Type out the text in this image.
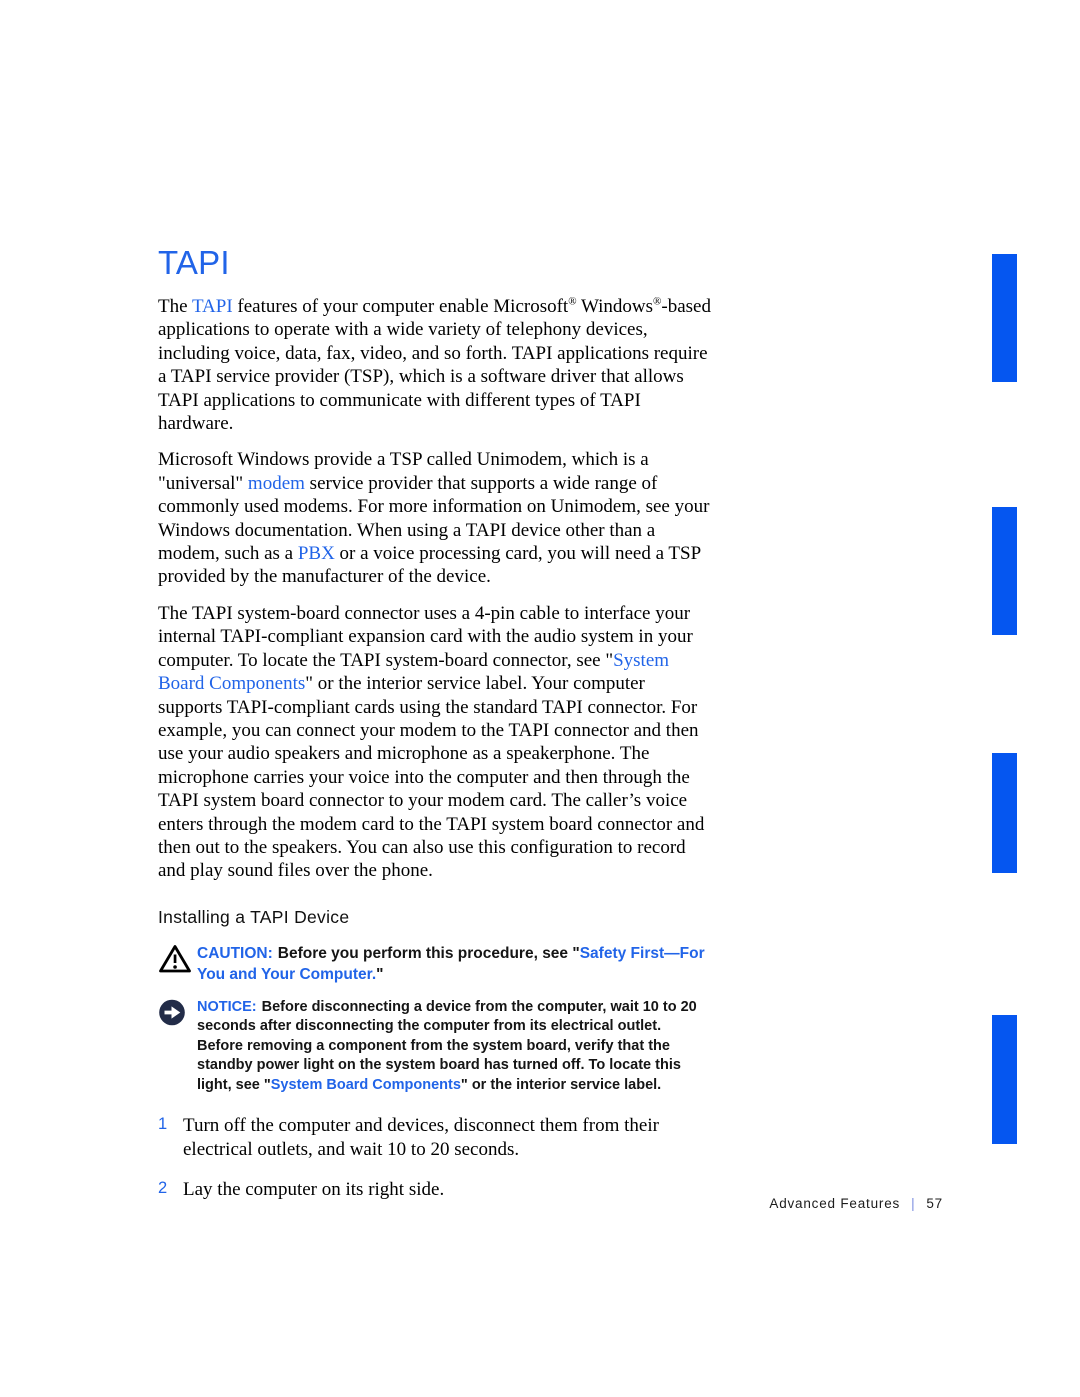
TAPI

The TAPI features of your computer enable Microsoft® Windows®-based applications to operate with a wide variety of telephony devices, including voice, data, fax, video, and so forth. TAPI applications require a TAPI service provider (TSP), which is a software driver that allows TAPI applications to communicate with different types of TAPI hardware.

Microsoft Windows provide a TSP called Unimodem, which is a "universal" modem service provider that supports a wide range of commonly used modems. For more information on Unimodem, see your Windows documentation. When using a TAPI device other than a modem, such as a PBX or a voice processing card, you will need a TSP provided by the manufacturer of the device.

The TAPI system-board connector uses a 4-pin cable to interface your internal TAPI-compliant expansion card with the audio system in your computer. To locate the TAPI system-board connector, see "System Board Components" or the interior service label. Your computer supports TAPI-compliant cards using the standard TAPI connector. For example, you can connect your modem to the TAPI connector and then use your audio speakers and microphone as a speakerphone. The microphone carries your voice into the computer and then through the TAPI system board connector to your modem card. The caller’s voice enters through the modem card to the TAPI system board connector and then out to the speakers. You can also use this configuration to record and play sound files over the phone.

Installing a TAPI Device

CAUTION: Before you perform this procedure, see "Safety First—For You and Your Computer."

NOTICE: Before disconnecting a device from the computer, wait 10 to 20 seconds after disconnecting the computer from its electrical outlet. Before removing a component from the system board, verify that the standby power light on the system board has turned off. To locate this light, see "System Board Components" or the interior service label.

1 Turn off the computer and devices, disconnect them from their electrical outlets, and wait 10 to 20 seconds.
2 Lay the computer on its right side.
Advanced Features | 57
